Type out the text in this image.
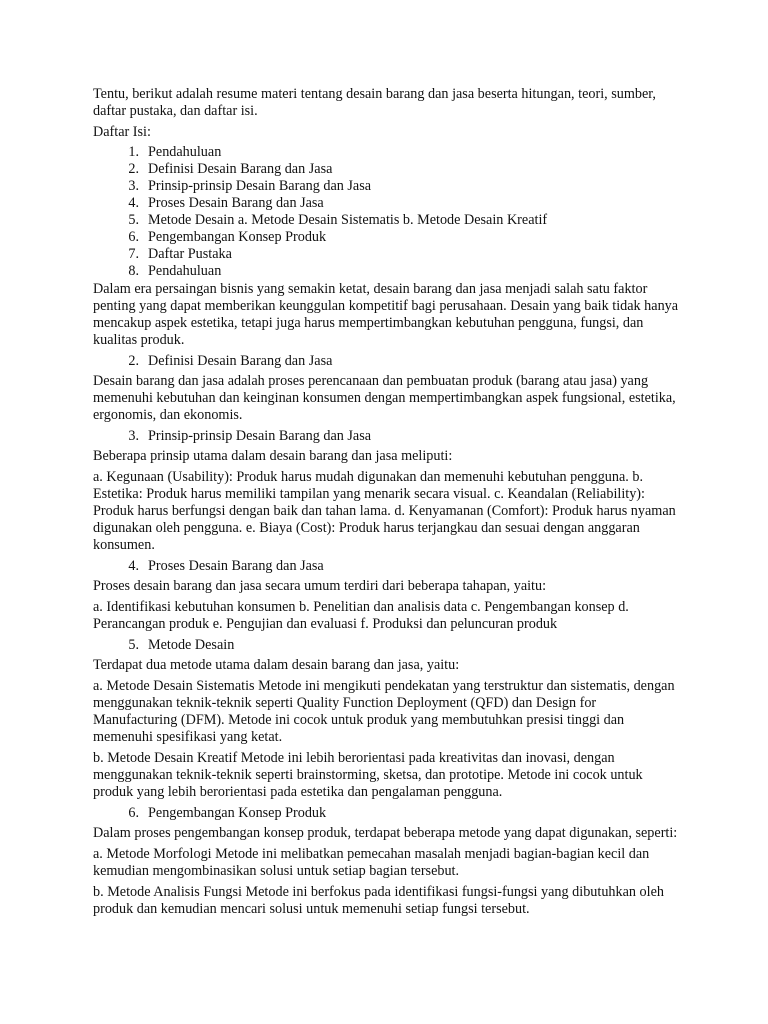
Tentu, berikut adalah resume materi tentang desain barang dan jasa beserta hitungan, teori, sumber, daftar pustaka, dan daftar isi.

Daftar Isi:

1. Pendahuluan
2. Definisi Desain Barang dan Jasa
3. Prinsip-prinsip Desain Barang dan Jasa
4. Proses Desain Barang dan Jasa
5. Metode Desain a. Metode Desain Sistematis b. Metode Desain Kreatif
6. Pengembangan Konsep Produk
7. Daftar Pustaka
8. Pendahuluan

Dalam era persaingan bisnis yang semakin ketat, desain barang dan jasa menjadi salah satu faktor penting yang dapat memberikan keunggulan kompetitif bagi perusahaan. Desain yang baik tidak hanya mencakup aspek estetika, tetapi juga harus mempertimbangkan kebutuhan pengguna, fungsi, dan kualitas produk.

2. Definisi Desain Barang dan Jasa

Desain barang dan jasa adalah proses perencanaan dan pembuatan produk (barang atau jasa) yang memenuhi kebutuhan dan keinginan konsumen dengan mempertimbangkan aspek fungsional, estetika, ergonomis, dan ekonomis.

3. Prinsip-prinsip Desain Barang dan Jasa

Beberapa prinsip utama dalam desain barang dan jasa meliputi:

a. Kegunaan (Usability): Produk harus mudah digunakan dan memenuhi kebutuhan pengguna. b. Estetika: Produk harus memiliki tampilan yang menarik secara visual. c. Keandalan (Reliability): Produk harus berfungsi dengan baik dan tahan lama. d. Kenyamanan (Comfort): Produk harus nyaman digunakan oleh pengguna. e. Biaya (Cost): Produk harus terjangkau dan sesuai dengan anggaran konsumen.

4. Proses Desain Barang dan Jasa

Proses desain barang dan jasa secara umum terdiri dari beberapa tahapan, yaitu:

a. Identifikasi kebutuhan konsumen b. Penelitian dan analisis data c. Pengembangan konsep d. Perancangan produk e. Pengujian dan evaluasi f. Produksi dan peluncuran produk

5. Metode Desain

Terdapat dua metode utama dalam desain barang dan jasa, yaitu:

a. Metode Desain Sistematis Metode ini mengikuti pendekatan yang terstruktur dan sistematis, dengan menggunakan teknik-teknik seperti Quality Function Deployment (QFD) dan Design for Manufacturing (DFM). Metode ini cocok untuk produk yang membutuhkan presisi tinggi dan memenuhi spesifikasi yang ketat.

b. Metode Desain Kreatif Metode ini lebih berorientasi pada kreativitas dan inovasi, dengan menggunakan teknik-teknik seperti brainstorming, sketsa, dan prototipe. Metode ini cocok untuk produk yang lebih berorientasi pada estetika dan pengalaman pengguna.

6. Pengembangan Konsep Produk

Dalam proses pengembangan konsep produk, terdapat beberapa metode yang dapat digunakan, seperti:

a. Metode Morfologi Metode ini melibatkan pemecahan masalah menjadi bagian-bagian kecil dan kemudian mengombinasikan solusi untuk setiap bagian tersebut.

b. Metode Analisis Fungsi Metode ini berfokus pada identifikasi fungsi-fungsi yang dibutuhkan oleh produk dan kemudian mencari solusi untuk memenuhi setiap fungsi tersebut.
